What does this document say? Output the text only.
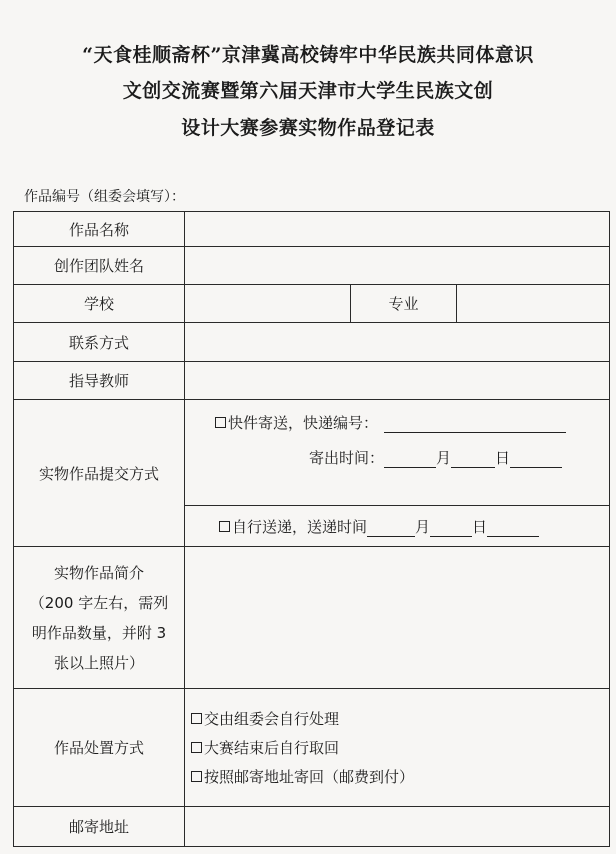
“天食桂顺斋杯”京津冀高校铸牢中华民族共同体意识
文创交流赛暨第六届天津市大学生民族文创
设计大赛参赛实物作品登记表
作品编号（组委会填写）：
作品名称			
创作团队姓名			
学校		专业	
联系方式			
指导教师			
实物作品提交方式	快件寄送，快递编号：
寄出时间： 月 日		

	自行送递，送递时间 月 日		

实物作品简介
（200 字左右，需列
明作品数量，并附 3
张以上照片）			

作品处置方式	交由组委会自行处理
大赛结束后自行取回
按照邮寄地址寄回（邮费到付）		

邮寄地址			
